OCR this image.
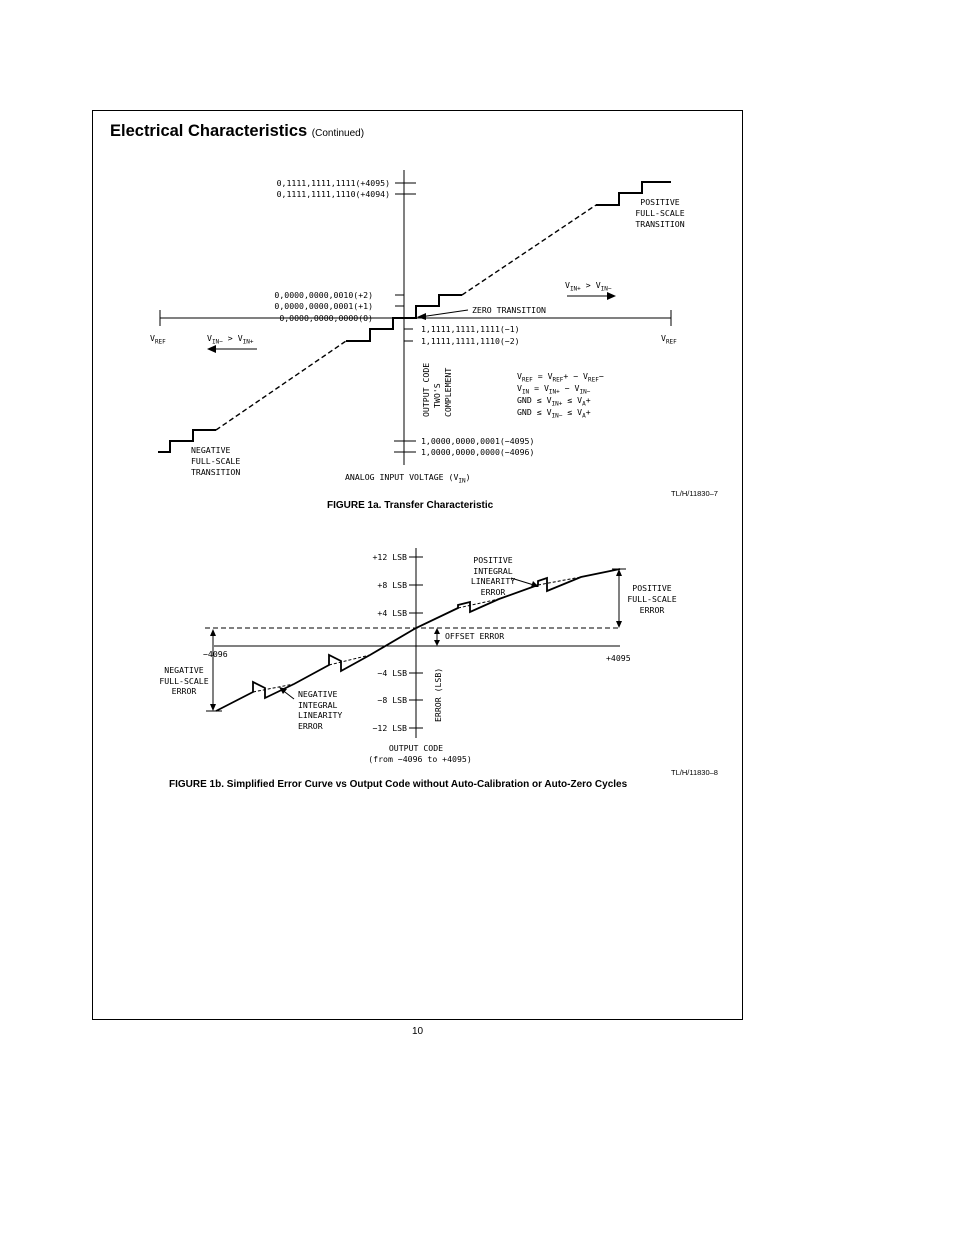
Electrical Characteristics (Continued)
0,1111,1111,1111(+4095)
0,1111,1111,1110(+4094)
0,0000,0000,0010(+2)
0,0000,0000,0001(+1)
0,0000,0000,0000(0)
1,1111,1111,1111(−1)
1,1111,1111,1110(−2)
1,0000,0000,0001(−4095)
1,0000,0000,0000(−4096)
POSITIVE
FULL-SCALE
TRANSITION
NEGATIVE
FULL-SCALE
TRANSITION
ZERO TRANSITION
$V_{REF}$	$V_{REF}$
$V_{IN+} > V_{IN-}$
$V_{IN-} > V_{IN+}$
OUTPUT CODE TWO'S COMPLEMENT	$V_{REF} = V_{REF}+ - V_{REF}-$
$V_{IN} = V_{IN+} - V_{IN-}$
GND ≤ $V_{IN+} \le V_A+$
GND ≤ $V_{IN-} \le V_A+$
ANALOG INPUT VOLTAGE $(V_{IN})$
+12 LSB
+8 LSB
+4 LSB
−4 LSB
−8 LSB
−12 LSB
−4096	+4095
POSITIVE
INTEGRAL
LINEARITY
ERROR	POSITIVE
FULL-SCALE
ERROR
OFFSET ERROR
NEGATIVE
FULL-SCALE
ERROR	NEGATIVE
INTEGRAL
LINEARITY
ERROR
ERROR (LSB)
OUTPUT CODE
(from −4096 to +4095)
TL/H/11830–7
FIGURE 1a. Transfer Characteristic
TL/H/11830–8
FIGURE 1b. Simplified Error Curve vs Output Code without Auto-Calibration or Auto-Zero Cycles
10
